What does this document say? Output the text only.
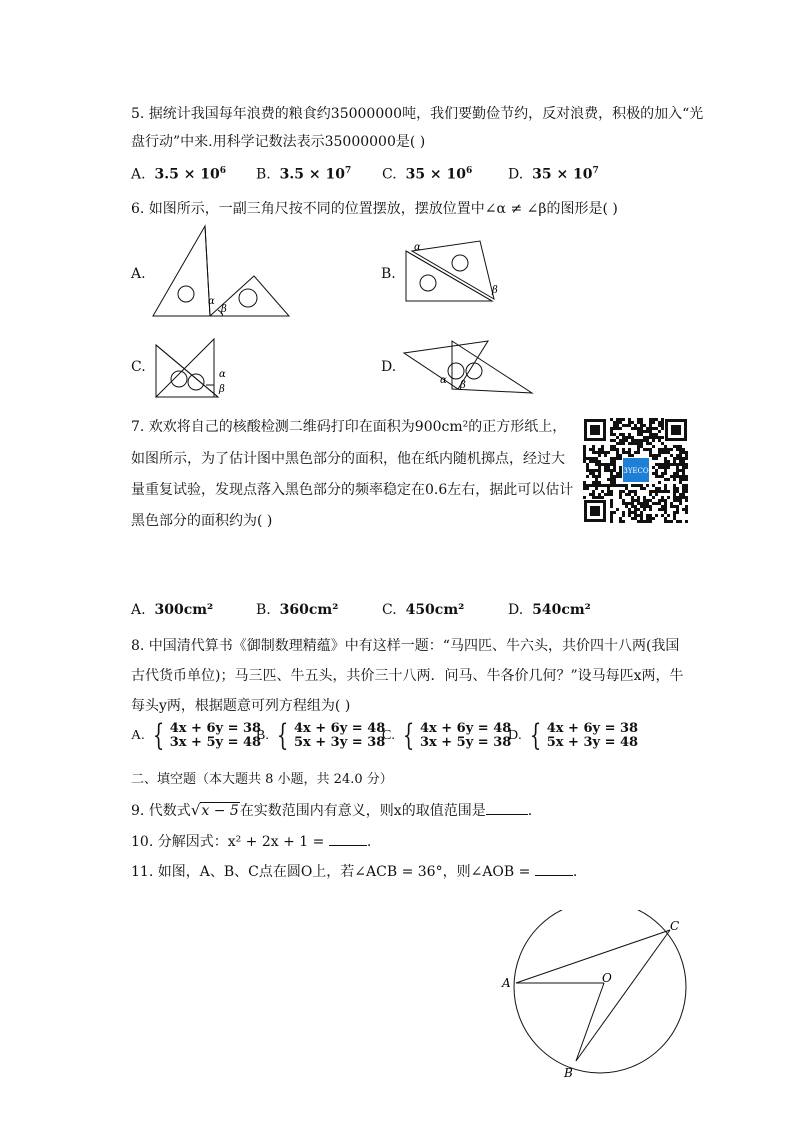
5. 据统计我国每年浪费的粮食约35000000吨，我们要勤俭节约，反对浪费，积极的加入“光
盘行动”中来.用科学记数法表示35000000是( )
A. $3.5 \times 10^6$ B. $3.5 \times 10^7$ C. $35 \times 10^6$	D. $35 \times 10^7$
6. 如图所示，一副三角尺按不同的位置摆放，摆放位置中∠α ≠ ∠β的图形是( )
A.
α
β
B.
α
β
C.	α
β
D.
α β
7. 欢欢将自己的核酸检测二维码打印在面积为900cm²的正方形纸上，
如图所示，为了估计图中黑色部分的面积，他在纸内随机掷点，经过大
量重复试验，发现点落入黑色部分的频率稳定在0.6左右，据此可以估计
黑色部分的面积约为( )
3YECO
A. 300cm²	B. 360cm²	C. 450cm²	D. 540cm²
8. 中国清代算书《御制数理精蕴》中有这样一题：“马四匹、牛六头，共价四十八两(我国
古代货币单位)；马三匹、牛五头，共价三十八两．问马、牛各价几何？”设马每匹x两，牛
每头y两，根据题意可列方程组为( )
A. { 4x + 6y = 38
3x + 5y = 48
B. { 4x + 6y = 48
5x + 3y = 38
C. { 4x + 6y = 48
3x + 5y = 38
D. { 4x + 6y = 38
5x + 3y = 48
二、填空题（本大题共 8 小题，共 24.0 分）
9. 代数式√x − 5在实数范围内有意义，则x的取值范围是	.
10. 分解因式：x² + 2x + 1 =	.
11. 如图，A、B、C点在圆O上，若∠ACB = 36°，则∠AOB =	.
A
B
C
O
